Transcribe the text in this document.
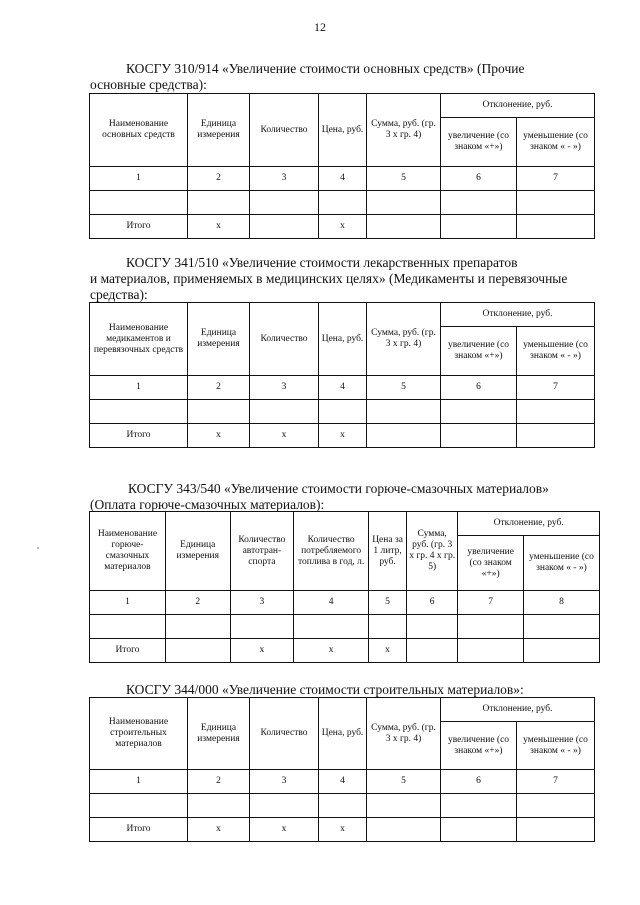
12
КОСГУ 310/914 «Увеличение стоимости основных средств» (Прочие

основные средства):
Наименование основных средств	Единица измерения	Количество	Цена, руб.	Сумма, руб. (гр. 3 х гр. 4)	Отклонение, руб.	
					увеличение (со знаком «+»)	уменьшение (со знаком « - »)
1	2	3	4	5	6	7

Итого	x		x			
КОСГУ 341/510 «Увеличение стоимости лекарственных препаратов
и материалов, применяемых в медицинских целях» (Медикаменты и перевязочные
средства):
Наименование медикаментов и перевязочных средств	Единица измерения	Количество	Цена, руб.	Сумма, руб. (гр. 3 х гр. 4)	Отклонение, руб.	
					увеличение (со знаком «+»)	уменьшение (со знаком « - »)
1	2	3	4	5	6	7

Итого	x	x	x			
КОСГУ 343/540 «Увеличение стоимости горюче-смазочных материалов»
(Оплата горюче-смазочных материалов):
Наименование горюче-смазочных материалов	Единица измерения	Количество автотран-спорта	Количество потребляемого топлива в год, л.	Цена за 1 литр, руб.	Сумма, руб. (гр. 3 х гр. 4 х гр. 5)	Отклонение, руб.	
						увеличение (со знаком «+»)	уменьшение (со знаком « - »)
1	2	3	4	5	6	7	8

Итого		x	x	x			
КОСГУ 344/000 «Увеличение стоимости строительных материалов»:
Наименование строительных материалов	Единица измерения	Количество	Цена, руб.	Сумма, руб. (гр. 3 х гр. 4)	Отклонение, руб.	
					увеличение (со знаком «+»)	уменьшение (со знаком « - »)
1	2	3	4	5	6	7

Итого	x	x	x			
